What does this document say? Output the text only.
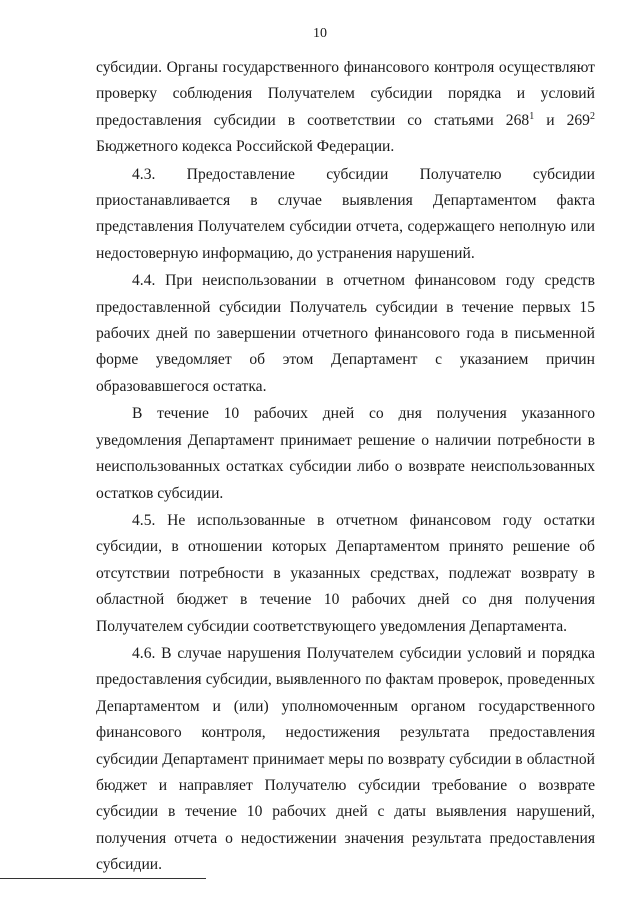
10

субсидии. Органы государственного финансового контроля осуществляют проверку соблюдения Получателем субсидии порядка и условий предоставления субсидии в соответствии со статьями $268^1$ и $269^2$ Бюджетного кодекса Российской Федерации.

4.3. Предоставление субсидии Получателю субсидии приостанавливается в случае выявления Департаментом факта представления Получателем субсидии отчета, содержащего неполную или недостоверную информацию, до устранения нарушений.

4.4. При неиспользовании в отчетном финансовом году средств предоставленной субсидии Получатель субсидии в течение первых 15 рабочих дней по завершении отчетного финансового года в письменной форме уведомляет об этом Департамент с указанием причин образовавшегося остатка.

В течение 10 рабочих дней со дня получения указанного уведомления Департамент принимает решение о наличии потребности в неиспользованных остатках субсидии либо о возврате неиспользованных остатков субсидии.

4.5. Не использованные в отчетном финансовом году остатки субсидии, в отношении которых Департаментом принято решение об отсутствии потребности в указанных средствах, подлежат возврату в областной бюджет в течение 10 рабочих дней со дня получения Получателем субсидии соответствующего уведомления Департамента.

4.6. В случае нарушения Получателем субсидии условий и порядка предоставления субсидии, выявленного по фактам проверок, проведенных Департаментом и (или) уполномоченным органом государственного финансового контроля, недостижения результата предоставления субсидии Департамент принимает меры по возврату субсидии в областной бюджет и направляет Получателю субсидии требование о возврате субсидии в течение 10 рабочих дней с даты выявления нарушений, получения отчета о недостижении значения результата предоставления субсидии.
